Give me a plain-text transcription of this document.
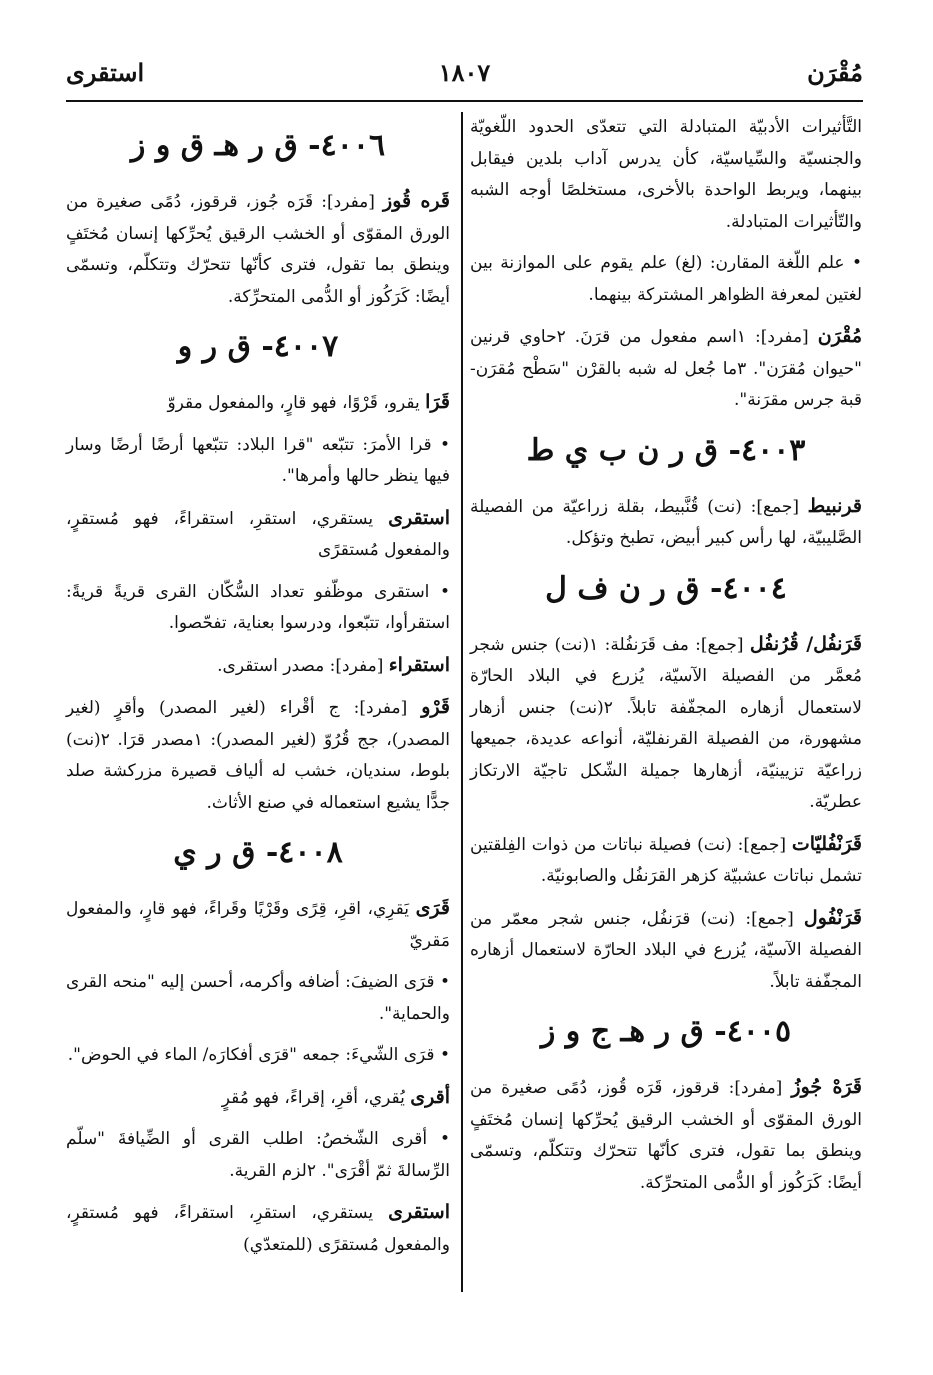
مُقْرَن
١٨٠٧
استقرى
التَّأثيرات الأدبيّة المتبادلة التي تتعدّى الحدود اللّغويّة والجنسيّة والسِّياسيّة، كأن يدرس آداب بلدين فيقابل بينهما، ويربط الواحدة بالأخرى، مستخلصًا أوجه الشبه والتّأثيرات المتبادلة.
• علم اللّغة المقارن: (لغ) علم يقوم على الموازنة بين لغتين لمعرفة الظواهر المشتركة بينهما.
مُقْرَن [مفرد]: ١اسم مفعول من قرَنَ. ٢حاوي قرنين "حيوان مُقرَن". ٣ما جُعل له شبه بالقرْن "سَطْح مُقرَن- قبة جرس مقرَنة".
٤٠٠٣- ق ر ن ب ي ط
قرنبيط [جمع]: (نت) قُنَّبيط، بقلة زراعيّة من الفصيلة الصَّليبيّة، لها رأس كبير أبيض، تطبخ وتؤكل.
٤٠٠٤- ق ر ن ف ل
قَرَنفُل/ قُرُنفُل [جمع]: مف قَرَنفُلة: ١(نت) جنس شجر مُعمَّر من الفصيلة الآسيّة، يُزرع في البلاد الحارّة لاستعمال أزهاره المجفّفة تابلاً. ٢(نت) جنس أزهار مشهورة، من الفصيلة القرنفليّة، أنواعه عديدة، جميعها زراعيّة تزيينيّة، أزهارها جميلة الشّكل تاجيّة الارتكاز عطريّة.
قَرَنْفُليّات [جمع]: (نت) فصيلة نباتات من ذوات الفِلقتين تشمل نباتات عشبيّة كزهر القرَنفُل والصابونيّة.
قَرَنْفُول [جمع]: (نت) قرَنفُل، جنس شجر معمّر من الفصيلة الآسيّة، يُزرع في البلاد الحارّة لاستعمال أزهاره المجفّفة تابلاً.
٤٠٠٥- ق ر هـ ج و ز
قَرَهْ جُوزُ [مفرد]: قرقوز، قَرَه قُوز، دُمًى صغيرة من الورق المقوّى أو الخشب الرقيق يُحرِّكها إنسان مُختَفٍ وينطق بما تقول، فترى كأنّها تتحرّك وتتكلّم، وتسمّى أيضًا: كَرَكُوز أو الدُّمى المتحرِّكة.
٤٠٠٦- ق ر هـ ق و ز
قَره قُوز [مفرد]: قَرَه جُوز، قرقوز، دُمًى صغيرة من الورق المقوّى أو الخشب الرقيق يُحرِّكها إنسان مُختَفٍ وينطق بما تقول، فترى كأنّها تتحرّك وتتكلّم، وتسمّى أيضًا: كَرَكُوز أو الدُّمى المتحرِّكة.
٤٠٠٧- ق ر و
قَرَا يقرو، قَرْوًا، فهو قارٍ، والمفعول مقروّ
• قرا الأمرَ: تتبّعه "قرا البلاد: تتبّعها أرضًا أرضًا وسار فيها ينظر حالها وأمرها".
استقرى يستقري، استقرِ، استقراءً، فهو مُستقرٍ، والمفعول مُستقرًى
• استقرى موظّفو تعداد السُّكّان القرى قريةً قريةً: استقرأوا، تتبّعوا، ودرسوا بعناية، تفحّصوا.
استقراء [مفرد]: مصدر استقرى.
قَرْو [مفرد]: ج أقْراء (لغير المصدر) وأقرٍ (لغير المصدر)، جج قُرُوّ (لغير المصدر): ١مصدر قرَا. ٢(نت) بلوط، سنديان، خشب له ألياف قصيرة مزركشة صلد جدًّا يشيع استعماله في صنع الأثاث.
٤٠٠٨- ق ر ي
قَرَى يَقرِي، اقرِ، قِرًى وقَرْيًا وقَراءً، فهو قارٍ، والمفعول مَقريّ
• قرَى الضيفَ: أضافه وأكرمه، أحسن إليه "منحه القرى والحماية".
• قرَى الشّيءَ: جمعه "قرَى أفكارَه/ الماء في الحوض".
أقرى يُقري، أقرِ، إقراءً، فهو مُقرٍ
• أقرى الشّخصُ: اطلب القرى أو الضِّيافةَ "سلّم الرِّسالةَ ثمّ أقْرَى". ٢لزم القرية.
استقرى يستقري، استقرِ، استقراءً، فهو مُستقرٍ، والمفعول مُستقرًى (للمتعدّي)
